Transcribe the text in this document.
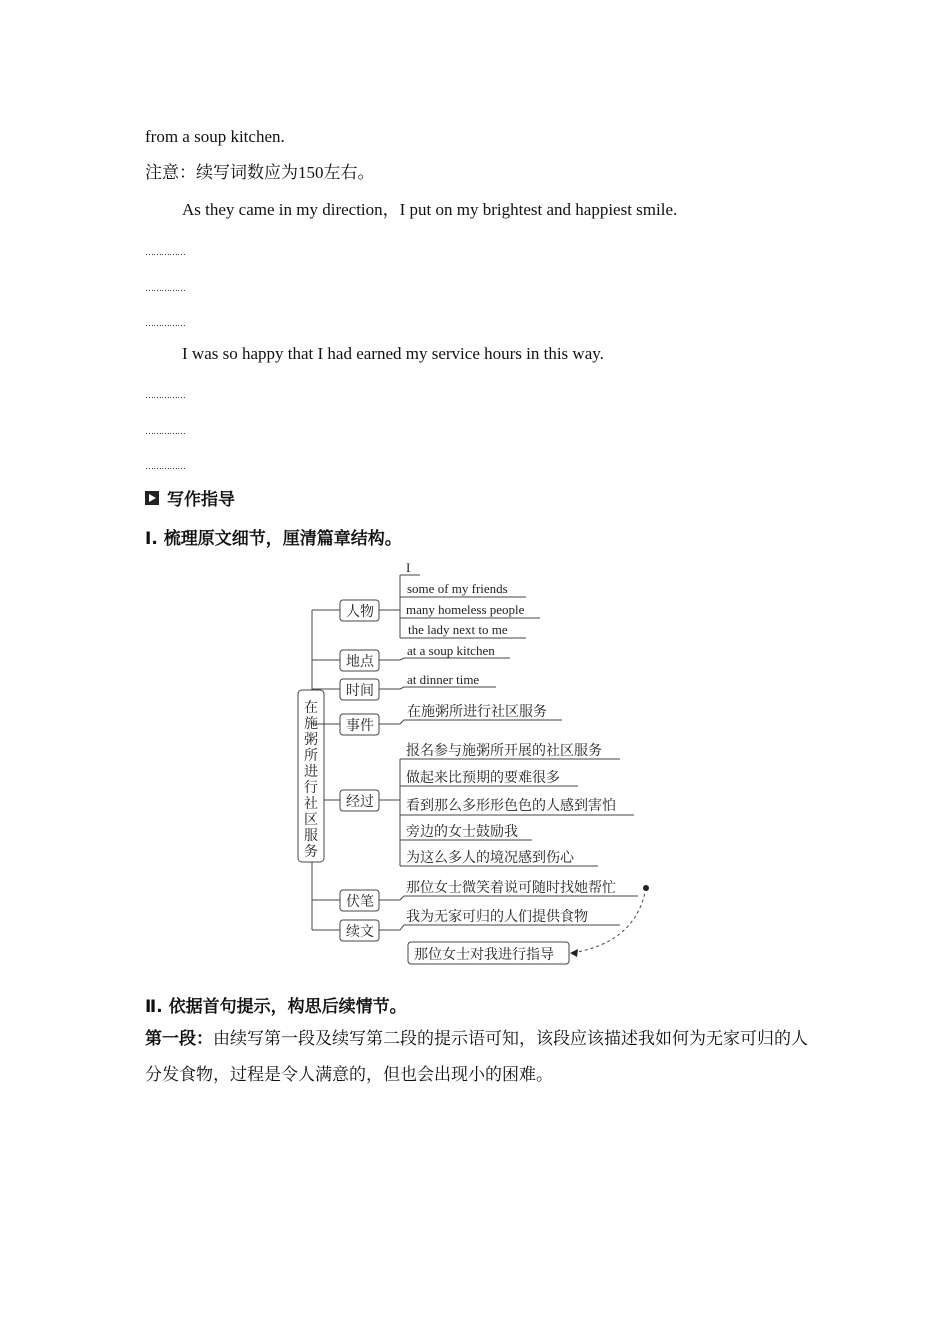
from a soup kitchen.
注意：续写词数应为150左右。
As they came in my direction，I put on my brightest and happiest smile.
……………
……………
……………
I was so happy that I had earned my service hours in this way.
……………
……………
……………
写作指导
Ⅰ. 梳理原文细节，厘清篇章结构。
在施粥所进行社区服务
人物
地点
时间
事件
经过
伏笔
续文
I
some of my friends
many homeless people
the lady next to me
at a soup kitchen
at dinner time
在施粥所进行社区服务
报名参与施粥所开展的社区服务
做起来比预期的要难很多
看到那么多形形色色的人感到害怕
旁边的女士鼓励我
为这么多人的境况感到伤心
那位女士微笑着说可随时找她帮忙
我为无家可归的人们提供食物
那位女士对我进行指导
Ⅱ. 依据首句提示，构思后续情节。
第一段：由续写第一段及续写第二段的提示语可知，该段应该描述我如何为无家可归的人分发食物，过程是令人满意的，但也会出现小的困难。
